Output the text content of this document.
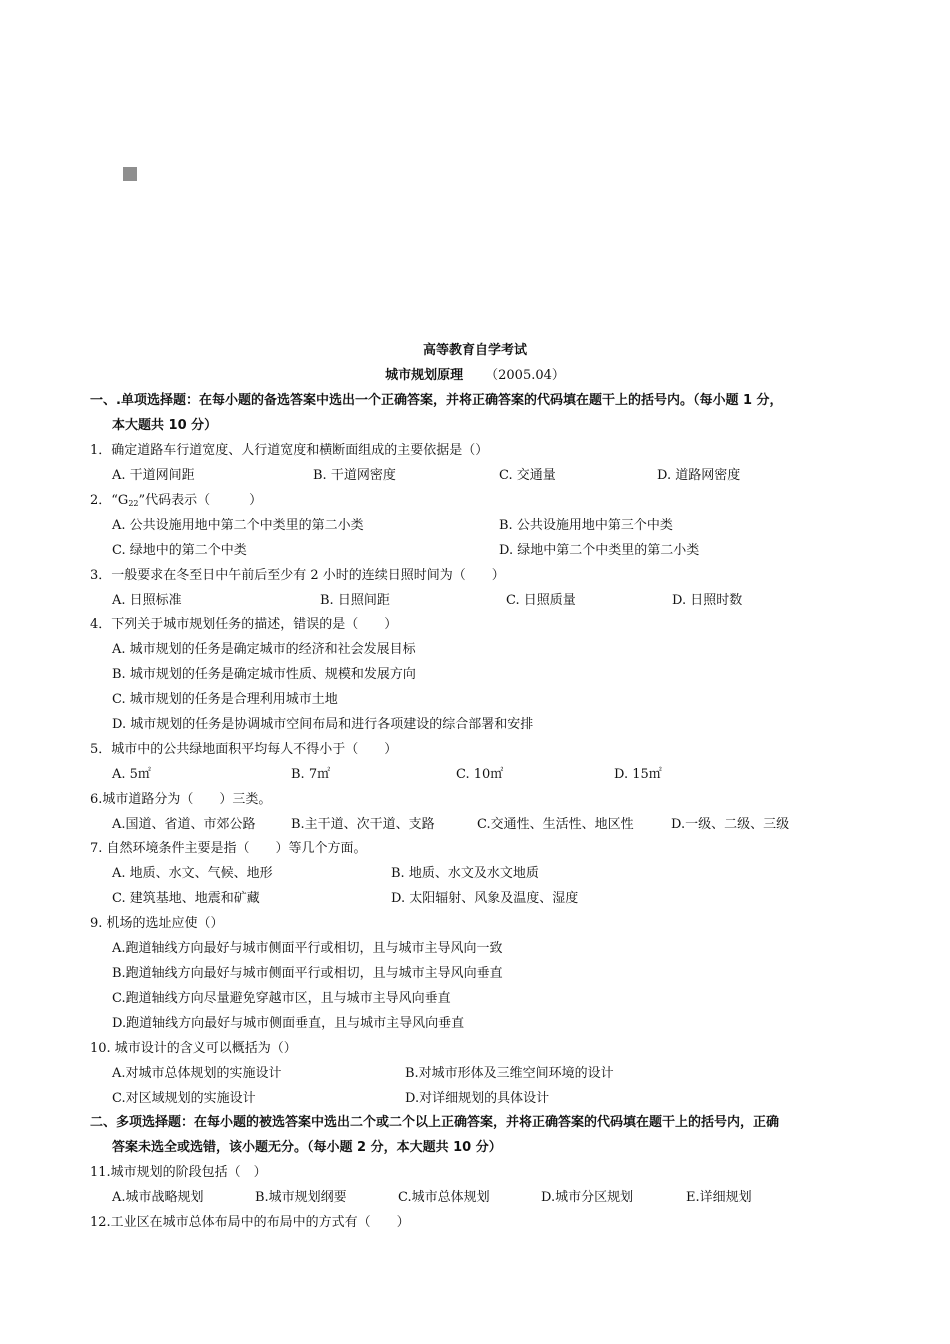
高等教育自学考试
城市规划原理 （2005.04）
一、.单项选择题：在每小题的备选答案中选出一个正确答案，并将正确答案的代码填在题干上的括号内。（每小题 1 分，
本大题共 10 分）
1．确定道路车行道宽度、人行道宽度和横断面组成的主要依据是（）
A. 干道网间距	B. 干道网密度	C. 交通量	D. 道路网密度
2．“$G_{22}$”代码表示（　　　）
A. 公共设施用地中第二个中类里的第二小类	B. 公共设施用地中第三个中类
C. 绿地中的第二个中类	D. 绿地中第二个中类里的第二小类
3．一般要求在冬至日中午前后至少有 2 小时的连续日照时间为（　　）
A. 日照标准	B. 日照间距	C. 日照质量	D. 日照时数
4．下列关于城市规划任务的描述，错误的是（　　）
A. 城市规划的任务是确定城市的经济和社会发展目标
B. 城市规划的任务是确定城市性质、规模和发展方向
C. 城市规划的任务是合理利用城市土地
D. 城市规划的任务是协调城市空间布局和进行各项建设的综合部署和安排
5．城市中的公共绿地面积平均每人不得小于（　　）
A. 5㎡	B. 7㎡	C. 10㎡	D. 15㎡
6.城市道路分为（　　）三类。
A.国道、省道、市郊公路	B.主干道、次干道、支路	C.交通性、生活性、地区性	D.一级、二级、三级
7. 自然环境条件主要是指（　　）等几个方面。
A. 地质、水文、气候、地形	B. 地质、水文及水文地质
C. 建筑基地、地震和矿藏	D. 太阳辐射、风象及温度、湿度
9. 机场的选址应使（）
A.跑道轴线方向最好与城市侧面平行或相切，且与城市主导风向一致
B.跑道轴线方向最好与城市侧面平行或相切，且与城市主导风向垂直
C.跑道轴线方向尽量避免穿越市区，且与城市主导风向垂直
D.跑道轴线方向最好与城市侧面垂直，且与城市主导风向垂直
10. 城市设计的含义可以概括为（）
A.对城市总体规划的实施设计	B.对城市形体及三维空间环境的设计
C.对区域规划的实施设计	D.对详细规划的具体设计
二、多项选择题：在每小题的被选答案中选出二个或二个以上正确答案，并将正确答案的代码填在题干上的括号内，正确
答案未选全或选错，该小题无分。（每小题 2 分，本大题共 10 分）
11.城市规划的阶段包括（　）
A.城市战略规划	B.城市规划纲要	C.城市总体规划	D.城市分区规划	E.详细规划
12.工业区在城市总体布局中的布局中的方式有（　　）
